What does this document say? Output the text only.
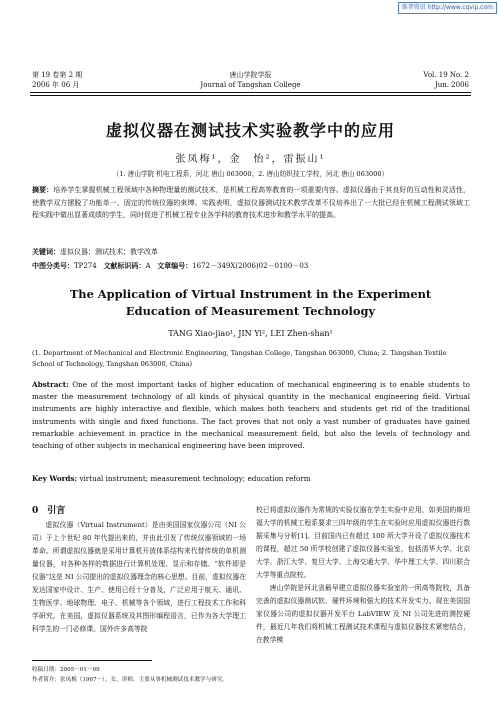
维普资讯 http://www.cqvip.com
第 19 卷第 2 期
2006 年 06 月
唐山学院学报
Journal of Tangshan College
Vol. 19 No. 2
Jun. 2006
虚拟仪器在测试技术实验教学中的应用
张凤梅¹，金　怡²，雷振山¹
（1. 唐山学院 机电工程系，河北 唐山 063000；2. 唐山纺织技工学校，河北 唐山 063000）
摘要：培养学生掌握机械工程领域中各种物理量的测试技术，是机械工程高等教育的一项重要内容。虚拟仪器由于其良好的互动性和灵活性，使教学双方摆脱了功能单一、固定的传统仪器的束缚。实践表明，虚拟仪器测试技术教学改革不仅培养出了一大批已经在机械工程测试领域工程实践中做出显著成绩的学生，同时促进了机械工程专业各学科的教育技术进步和教学水平的提高。
关键词：虚拟仪器；测试技术；教学改革
中图分类号：TP274 文献标识码：A 文章编号：1672－349X(2006)02－0100－03
The Application of Virtual Instrument in the Experiment
Education of Measurement Technology
TANG Xiao-jiao¹, JIN Yi², LEI Zhen-shan¹
(1. Department of Mechanical and Electronic Engineering, Tangshan College, Tangshan 063000, China; 2. Tangshan Textile School of Technology, Tangshan 063000, China)
Abstract: One of the most important tasks of higher education of mechanical engineering is to enable students to master the measurement technology of all kinds of physical quantity in the mechanical engineering field. Virtual instruments are highly interactive and flexible, which makes both teachers and students get rid of the traditional instruments with single and fixed functions. The fact proves that not only a vast number of graduates have gained remarkable achievement in practice in the mechanical measurement field, but also the levels of technology and teaching of other subjects in mechanical engineering have been improved.
Key Words: virtual instrument; measurement technology; education reform
0　引言

虚拟仪器（Virtual Instrument）是由美国国家仪器公司（NI 公司）于上个世纪 80 年代提出来的，并由此引发了传统仪器领域的一场革命。所谓虚拟仪器就是采用计算机开放体系结构来代替传统的单机测量仪器，对各种各样的数据进行计算机处理、显示和存储。“软件即是仪器”这是 NI 公司提出的虚拟仪器理念的核心思想。目前，虚拟仪器在发达国家中设计、生产、使用已经十分普及，广泛应用于航天、通讯、生物医学、地球物理、电子、机械等各个领域，进行工程技术工作和科学研究。在美国，虚拟仪器系统及其图形编程语言，已作为各大学理工科学生的一门必修课。国外许多高等院

校已将虚拟仪器作为常规的实验仪器在学生实验中应用，如美国的斯坦福大学的机械工程系要求三四年级的学生在实验时应用虚拟仪器进行数据采集与分析[1]。目前国内已有超过 100 所大学开设了虚拟仪器技术的课程，超过 50 所学校创建了虚拟仪器实验室，包括清华大学、北京大学、浙江大学、复旦大学、上海交通大学、华中理工大学、四川联合大学等重点院校。

唐山学院是河北省最早建立虚拟仪器实验室的一所高等院校，具备完善的虚拟仪器测试软、硬件环境和强大的技术开发实力。现在美国国家仪器公司的虚拟仪器开发平台 LabVIEW 及 NI 公司先进的测控硬件，最近几年我们将机械工程测试技术课程与虚拟仪器技术紧密结合，在教学模

收稿日期：2005－01－09
作者简介：张凤梅（1967－），女，讲师，主要从事机械测试技术教学与研究。
